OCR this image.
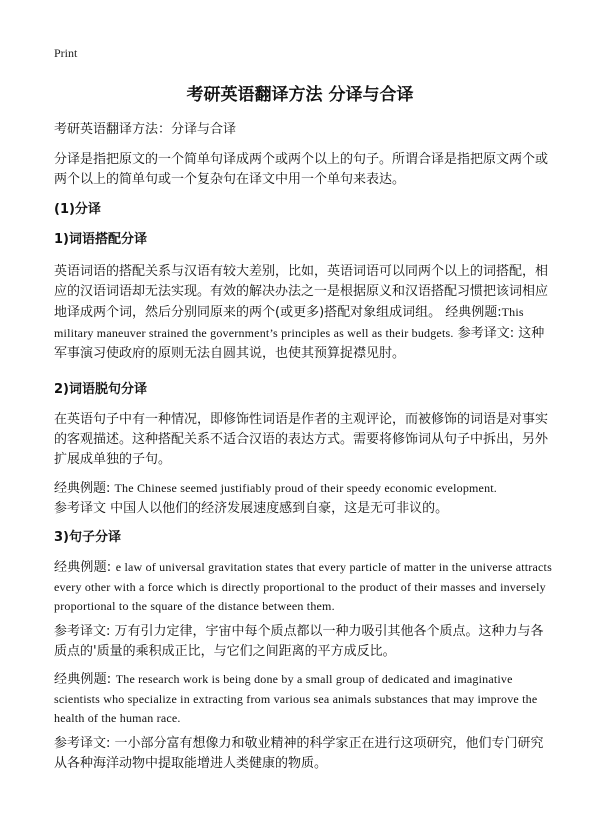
Print
考研英语翻译方法 分译与合译

考研英语翻译方法：分译与合译

分译是指把原文的一个简单句译成两个或两个以上的句子。所谓合译是指把原文两个或两个以上的简单句或一个复杂句在译文中用一个单句来表达。

(1)分译

1)词语搭配分译

英语词语的搭配关系与汉语有较大差别，比如，英语词语可以同两个以上的词搭配，相应的汉语词语却无法实现。有效的解决办法之一是根据原义和汉语搭配习惯把该词相应地译成两个词，然后分别同原来的两个(或更多)搭配对象组成词组。 经典例题:This military maneuver strained the government’s principles as well as their budgets. 参考译文: 这种军事演习使政府的原则无法自圆其说，也使其预算捉襟见肘。

2)词语脱句分译

在英语句子中有一种情况，即修饰性词语是作者的主观评论，而被修饰的词语是对事实的客观描述。这种搭配关系不适合汉语的表达方式。需要将修饰词从句子中拆出，另外扩展成单独的子句。

经典例题: The Chinese seemed justifiably proud of their speedy economic evelopment.

参考译文 中国人以他们的经济发展速度感到自豪，这是无可非议的。

3)句子分译

经典例题: e law of universal gravitation states that every particle of matter in the universe attracts every other with a force which is directly proportional to the product of their masses and inversely proportional to the square of the distance between them.

参考译文: 万有引力定律，宇宙中每个质点都以一种力吸引其他各个质点。这种力与各质点的'质量的乘积成正比，与它们之间距离的平方成反比。

经典例题: The research work is being done by a small group of dedicated and imaginative scientists who specialize in extracting from various sea animals substances that may improve the health of the human race.

参考译文: 一小部分富有想像力和敬业精神的科学家正在进行这项研究，他们专门研究从各种海洋动物中提取能增进人类健康的物质。
